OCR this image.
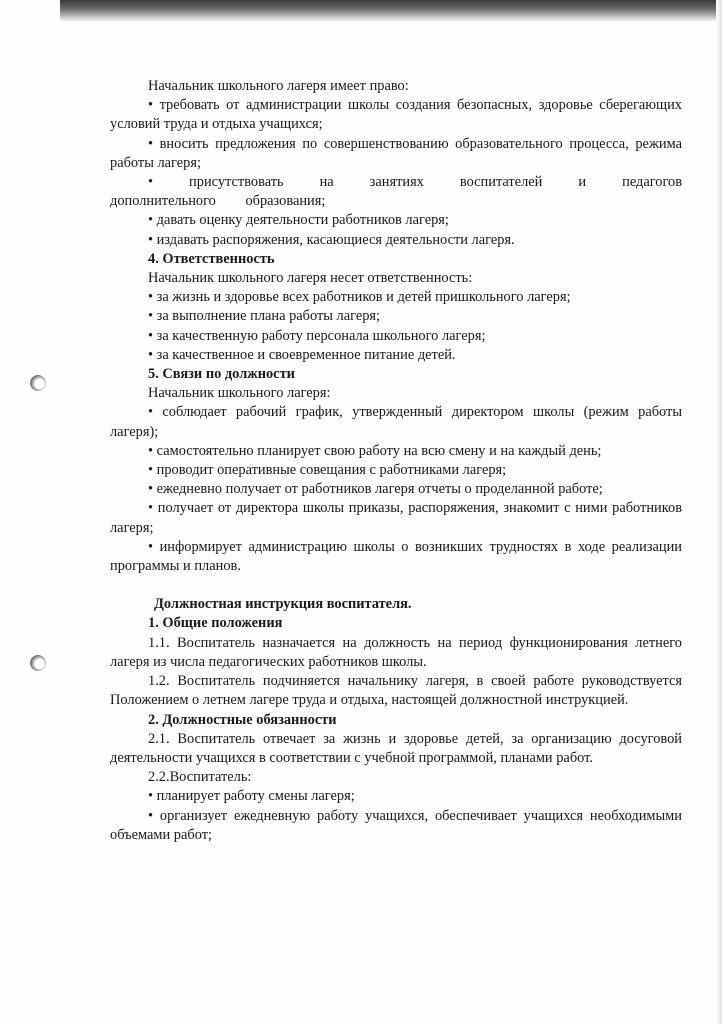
Начальник школьного лагеря имеет право:

• требовать от администрации школы создания безопасных, здоровье сберегающих условий труда и отдыха учащихся;

• вносить предложения по совершенствованию образовательного процесса, режима работы лагеря;

• присутствовать на занятиях воспитателей и педагогов дополнительного образования;

• давать оценку деятельности работников лагеря;

• издавать распоряжения, касающиеся деятельности лагеря.

4. Ответственность

Начальник школьного лагеря несет ответственность:

• за жизнь и здоровье всех работников и детей пришкольного лагеря;

• за выполнение плана работы лагеря;

• за качественную работу персонала школьного лагеря;

• за качественное и своевременное питание детей.

5. Связи по должности

Начальник школьного лагеря:

• соблюдает рабочий график, утвержденный директором школы (режим работы лагеря);

• самостоятельно планирует свою работу на всю смену и на каждый день;

• проводит оперативные совещания с работниками лагеря;

• ежедневно получает от работников лагеря отчеты о проделанной работе;

• получает от директора школы приказы, распоряжения, знакомит с ними работников лагеря;

• информирует администрацию школы о возникших трудностях в ходе реализации программы и планов.

Должностная инструкция воспитателя.

1. Общие положения

1.1. Воспитатель назначается на должность на период функционирования летнего лагеря из числа педагогических работников школы.

1.2. Воспитатель подчиняется начальнику лагеря, в своей работе руководствуется Положением о летнем лагере труда и отдыха, настоящей должностной инструкцией.

2. Должностные обязанности

2.1. Воспитатель отвечает за жизнь и здоровье детей, за организацию досуговой деятельности учащихся в соответствии с учебной программой, планами работ.

2.2.Воспитатель:

• планирует работу смены лагеря;

• организует ежедневную работу учащихся, обеспечивает учащихся необходимыми объемами работ;
